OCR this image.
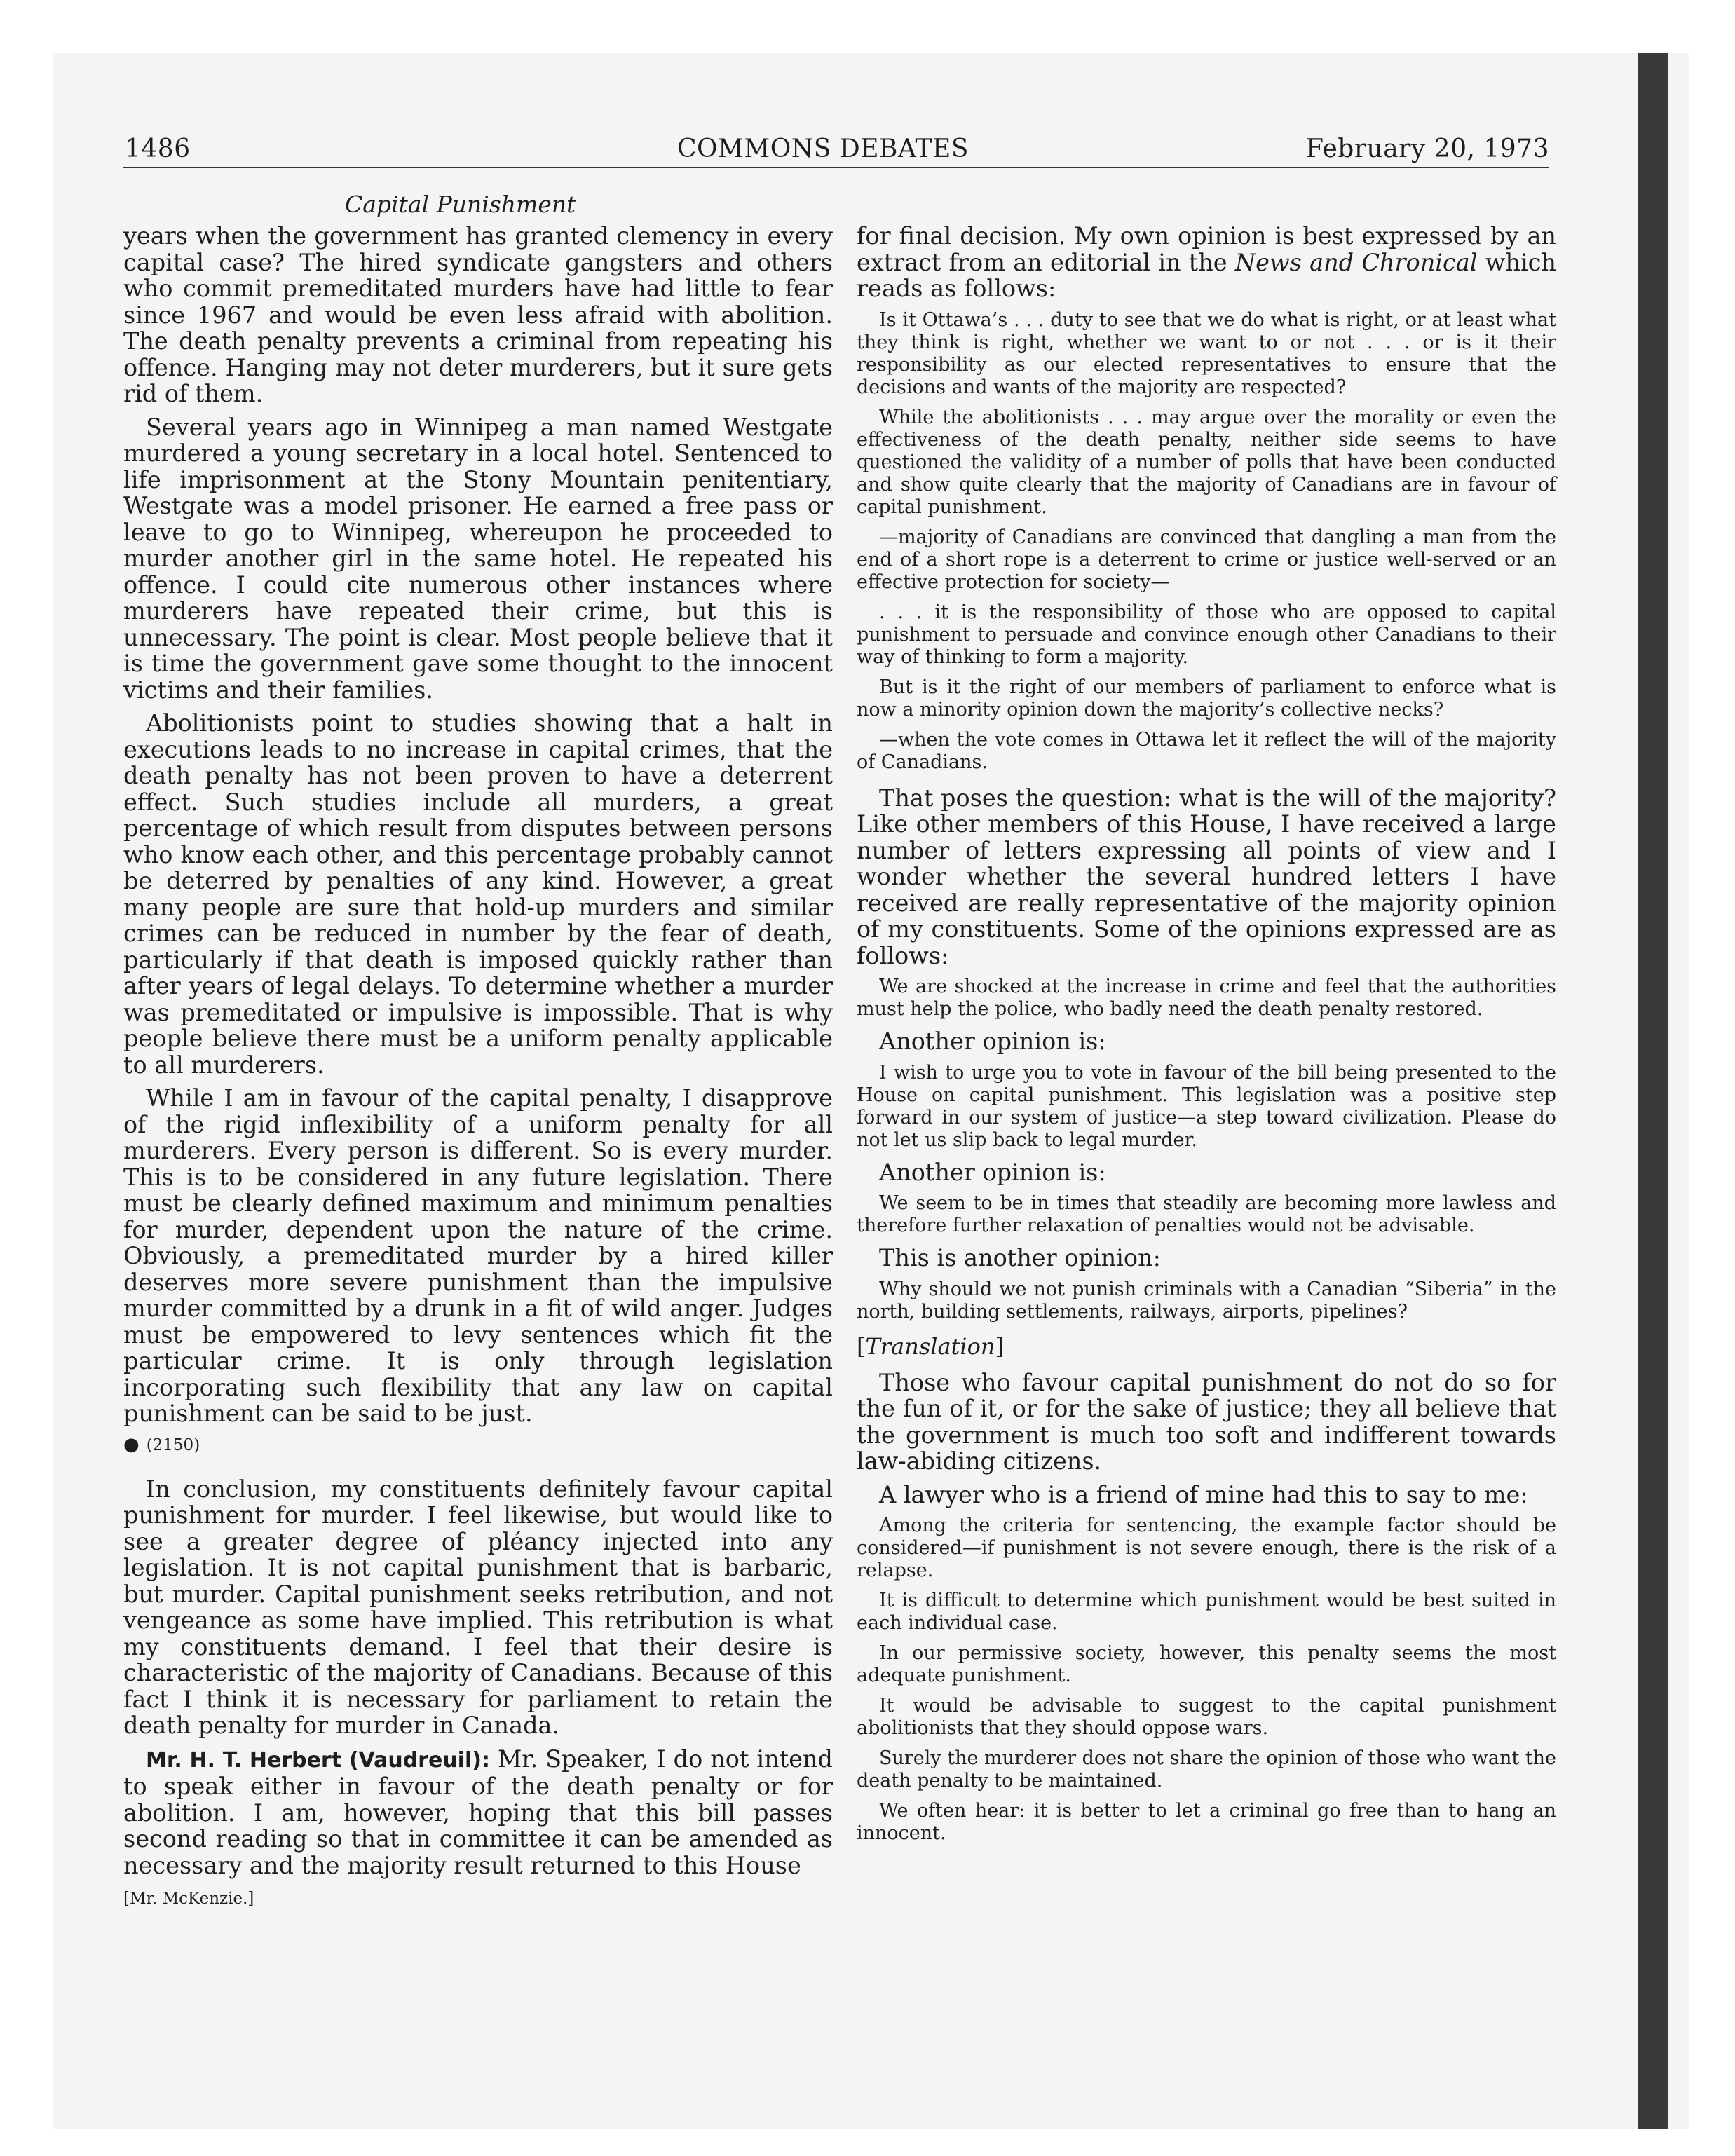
1486	COMMONS DEBATES	February 20, 1973
Capital Punishment

years when the government has granted clemency in every capital case? The hired syndicate gangsters and others who commit premeditated murders have had little to fear since 1967 and would be even less afraid with abolition. The death penalty prevents a criminal from repeating his offence. Hanging may not deter murderers, but it sure gets rid of them.

Several years ago in Winnipeg a man named Westgate murdered a young secretary in a local hotel. Sentenced to life imprisonment at the Stony Mountain penitentiary, Westgate was a model prisoner. He earned a free pass or leave to go to Winnipeg, whereupon he proceeded to murder another girl in the same hotel. He repeated his offence. I could cite numerous other instances where murderers have repeated their crime, but this is unnecessary. The point is clear. Most people believe that it is time the government gave some thought to the innocent victims and their families.

Abolitionists point to studies showing that a halt in executions leads to no increase in capital crimes, that the death penalty has not been proven to have a deterrent effect. Such studies include all murders, a great percentage of which result from disputes between persons who know each other, and this percentage probably cannot be deterred by penalties of any kind. However, a great many people are sure that hold-up murders and similar crimes can be reduced in number by the fear of death, particularly if that death is imposed quickly rather than after years of legal delays. To determine whether a murder was premeditated or impulsive is impossible. That is why people believe there must be a uniform penalty applicable to all murderers.

While I am in favour of the capital penalty, I disapprove of the rigid inflexibility of a uniform penalty for all murderers. Every person is different. So is every murder. This is to be considered in any future legislation. There must be clearly defined maximum and minimum penalties for murder, dependent upon the nature of the crime. Obviously, a premeditated murder by a hired killer deserves more severe punishment than the impulsive murder committed by a drunk in a fit of wild anger. Judges must be empowered to levy sentences which fit the particular crime. It is only through legislation incorporating such flexibility that any law on capital punishment can be said to be just.

● (2150)

In conclusion, my constituents definitely favour capital punishment for murder. I feel likewise, but would like to see a greater degree of pléancy injected into any legislation. It is not capital punishment that is barbaric, but murder. Capital punishment seeks retribution, and not vengeance as some have implied. This retribution is what my constituents demand. I feel that their desire is characteristic of the majority of Canadians. Because of this fact I think it is necessary for parliament to retain the death penalty for murder in Canada.

Mr. H. T. Herbert (Vaudreuil): Mr. Speaker, I do not intend to speak either in favour of the death penalty or for abolition. I am, however, hoping that this bill passes second reading so that in committee it can be amended as necessary and the majority result returned to this House

[Mr. McKenzie.]

for final decision. My own opinion is best expressed by an extract from an editorial in the News and Chronical which reads as follows:

Is it Ottawa’s . . . duty to see that we do what is right, or at least what they think is right, whether we want to or not . . . or is it their responsibility as our elected representatives to ensure that the decisions and wants of the majority are respected?

While the abolitionists . . . may argue over the morality or even the effectiveness of the death penalty, neither side seems to have questioned the validity of a number of polls that have been conducted and show quite clearly that the majority of Canadians are in favour of capital punishment.

—majority of Canadians are convinced that dangling a man from the end of a short rope is a deterrent to crime or justice well-served or an effective protection for society—

. . . it is the responsibility of those who are opposed to capital punishment to persuade and convince enough other Canadians to their way of thinking to form a majority.

But is it the right of our members of parliament to enforce what is now a minority opinion down the majority’s collective necks?

—when the vote comes in Ottawa let it reflect the will of the majority of Canadians.

That poses the question: what is the will of the majority? Like other members of this House, I have received a large number of letters expressing all points of view and I wonder whether the several hundred letters I have received are really representative of the majority opinion of my constituents. Some of the opinions expressed are as follows:

We are shocked at the increase in crime and feel that the authorities must help the police, who badly need the death penalty restored.

Another opinion is:

I wish to urge you to vote in favour of the bill being presented to the House on capital punishment. This legislation was a positive step forward in our system of justice—a step toward civilization. Please do not let us slip back to legal murder.

Another opinion is:

We seem to be in times that steadily are becoming more lawless and therefore further relaxation of penalties would not be advisable.

This is another opinion:

Why should we not punish criminals with a Canadian “Siberia” in the north, building settlements, railways, airports, pipelines?

[Translation]

Those who favour capital punishment do not do so for the fun of it, or for the sake of justice; they all believe that the government is much too soft and indifferent towards law-abiding citizens.

A lawyer who is a friend of mine had this to say to me:

Among the criteria for sentencing, the example factor should be considered—if punishment is not severe enough, there is the risk of a relapse.

It is difficult to determine which punishment would be best suited in each individual case.

In our permissive society, however, this penalty seems the most adequate punishment.

It would be advisable to suggest to the capital punishment abolitionists that they should oppose wars.

Surely the murderer does not share the opinion of those who want the death penalty to be maintained.

We often hear: it is better to let a criminal go free than to hang an innocent.
